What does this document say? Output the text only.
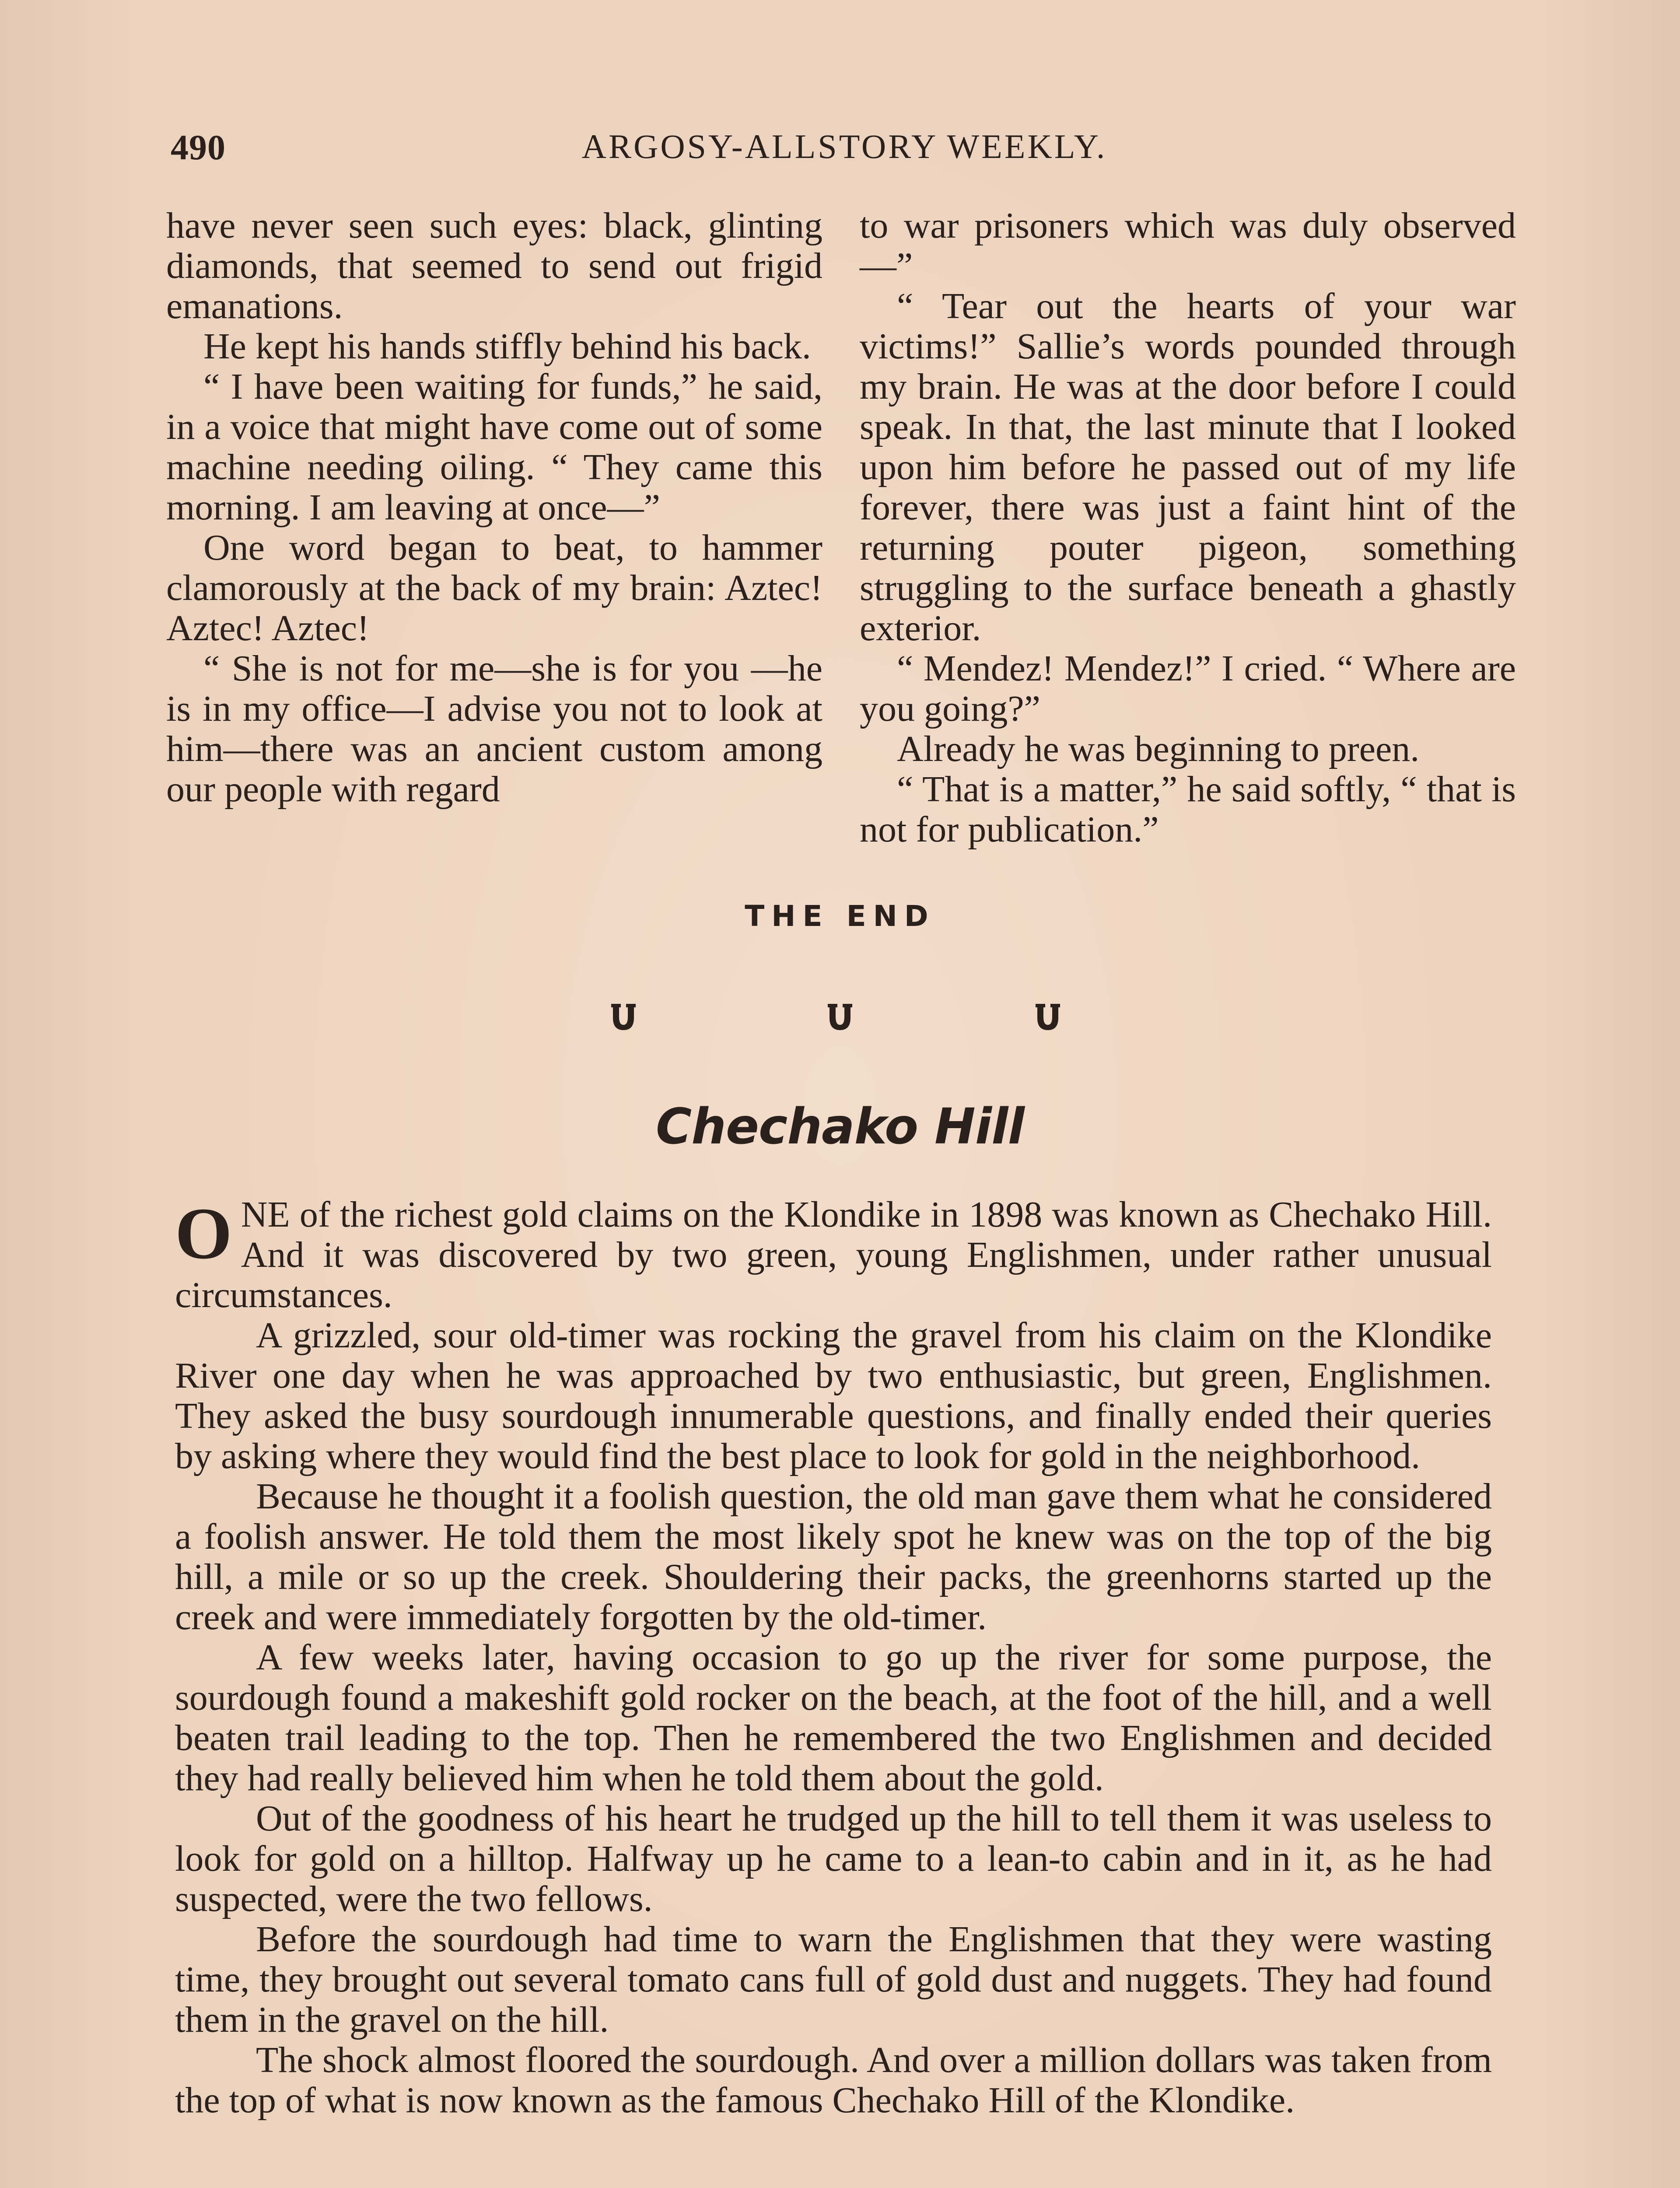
490	ARGOSY-ALLSTORY WEEKLY.

have never seen such eyes: black, glinting diamonds, that seemed to send out frigid emanations.

He kept his hands stiffly behind his back.

“ I have been waiting for funds,” he said, in a voice that might have come out of some machine needing oiling. “ They came this morning. I am leaving at once—”

One word began to beat, to hammer clamorously at the back of my brain: Aztec! Aztec! Aztec!

“ She is not for me—she is for you —he is in my office—I advise you not to look at him—there was an ancient custom among our people with regard

to war prisoners which was duly observed—”

“ Tear out the hearts of your war victims!” Sallie’s words pounded through my brain. He was at the door before I could speak. In that, the last minute that I looked upon him before he passed out of my life forever, there was just a faint hint of the returning pouter pigeon, something struggling to the surface beneath a ghastly exterior.

“ Mendez! Mendez!” I cried. “ Where are you going?”

Already he was beginning to preen.

“ That is a matter,” he said softly, “ that is not for publication.”

THE END
Chechako Hill

ONE of the richest gold claims on the Klondike in 1898 was known as Chechako Hill. And it was discovered by two green, young Englishmen, under rather unusual circumstances.

A grizzled, sour old-timer was rocking the gravel from his claim on the Klondike River one day when he was approached by two enthusiastic, but green, Englishmen. They asked the busy sourdough innumerable questions, and finally ended their queries by asking where they would find the best place to look for gold in the neighborhood.

Because he thought it a foolish question, the old man gave them what he considered a foolish answer. He told them the most likely spot he knew was on the top of the big hill, a mile or so up the creek. Shouldering their packs, the greenhorns started up the creek and were immediately forgotten by the old-timer.

A few weeks later, having occasion to go up the river for some purpose, the sourdough found a makeshift gold rocker on the beach, at the foot of the hill, and a well beaten trail leading to the top. Then he remembered the two Englishmen and decided they had really believed him when he told them about the gold.

Out of the goodness of his heart he trudged up the hill to tell them it was useless to look for gold on a hilltop. Halfway up he came to a lean-to cabin and in it, as he had suspected, were the two fellows.

Before the sourdough had time to warn the Englishmen that they were wasting time, they brought out several tomato cans full of gold dust and nuggets. They had found them in the gravel on the hill.

The shock almost floored the sourdough. And over a million dollars was taken from the top of what is now known as the famous Chechako Hill of the Klondike.
